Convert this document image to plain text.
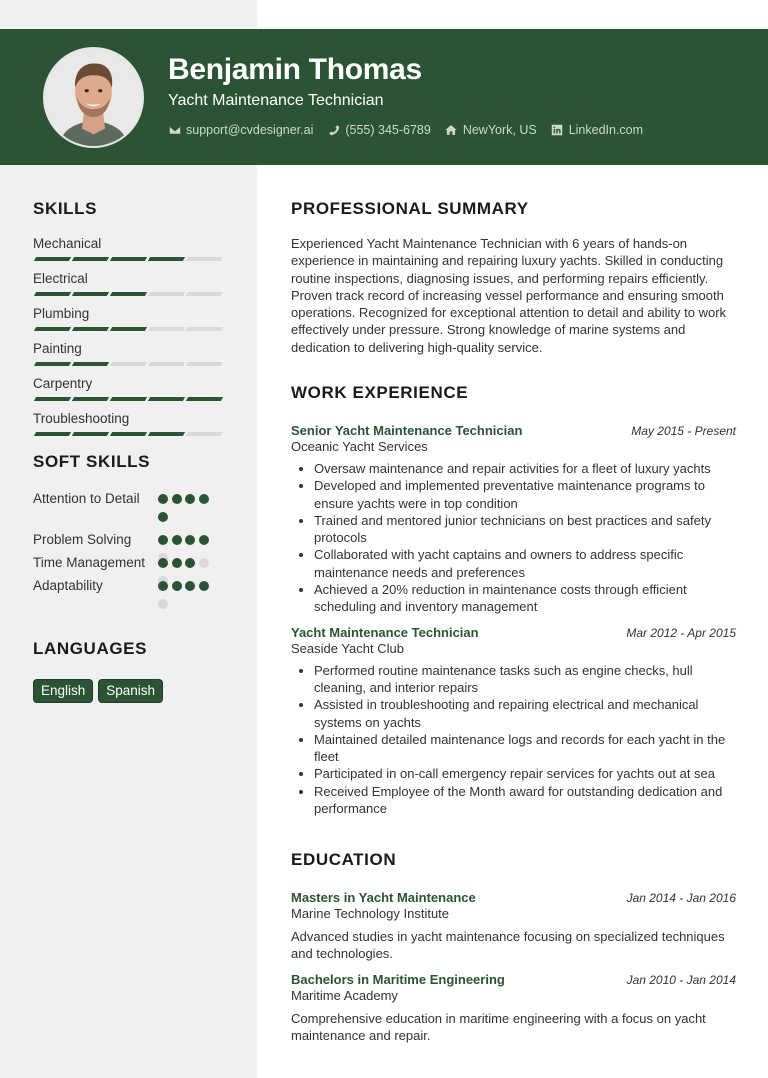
Benjamin Thomas
Yacht Maintenance Technician
support@cvdesigner.ai	(555) 345-6789	NewYork, US	LinkedIn.com
SKILLS
Mechanical
Electrical
Plumbing
Painting
Carpentry
Troubleshooting
SOFT SKILLS
Attention to Detail
Problem Solving
Time Management
Adaptability
LANGUAGES
English	Spanish
PROFESSIONAL SUMMARY

Experienced Yacht Maintenance Technician with 6 years of hands-on experience in maintaining and repairing luxury yachts. Skilled in conducting routine inspections, diagnosing issues, and performing repairs efficiently. Proven track record of increasing vessel performance and ensuring smooth operations. Recognized for exceptional attention to detail and ability to work effectively under pressure. Strong knowledge of marine systems and dedication to delivering high-quality service.

WORK EXPERIENCE
Senior Yacht Maintenance Technician	May 2015 - Present
Oceanic Yacht Services
• Oversaw maintenance and repair activities for a fleet of luxury yachts
• Developed and implemented preventative maintenance programs to ensure yachts were in top condition
• Trained and mentored junior technicians on best practices and safety protocols
• Collaborated with yacht captains and owners to address specific maintenance needs and preferences
• Achieved a 20% reduction in maintenance costs through efficient scheduling and inventory management
Yacht Maintenance Technician	Mar 2012 - Apr 2015
Seaside Yacht Club
• Performed routine maintenance tasks such as engine checks, hull cleaning, and interior repairs
• Assisted in troubleshooting and repairing electrical and mechanical systems on yachts
• Maintained detailed maintenance logs and records for each yacht in the fleet
• Participated in on-call emergency repair services for yachts out at sea
• Received Employee of the Month award for outstanding dedication and performance
EDUCATION
Masters in Yacht Maintenance	Jan 2014 - Jan 2016
Marine Technology Institute
Advanced studies in yacht maintenance focusing on specialized techniques and technologies.
Bachelors in Maritime Engineering	Jan 2010 - Jan 2014
Maritime Academy
Comprehensive education in maritime engineering with a focus on yacht maintenance and repair.
